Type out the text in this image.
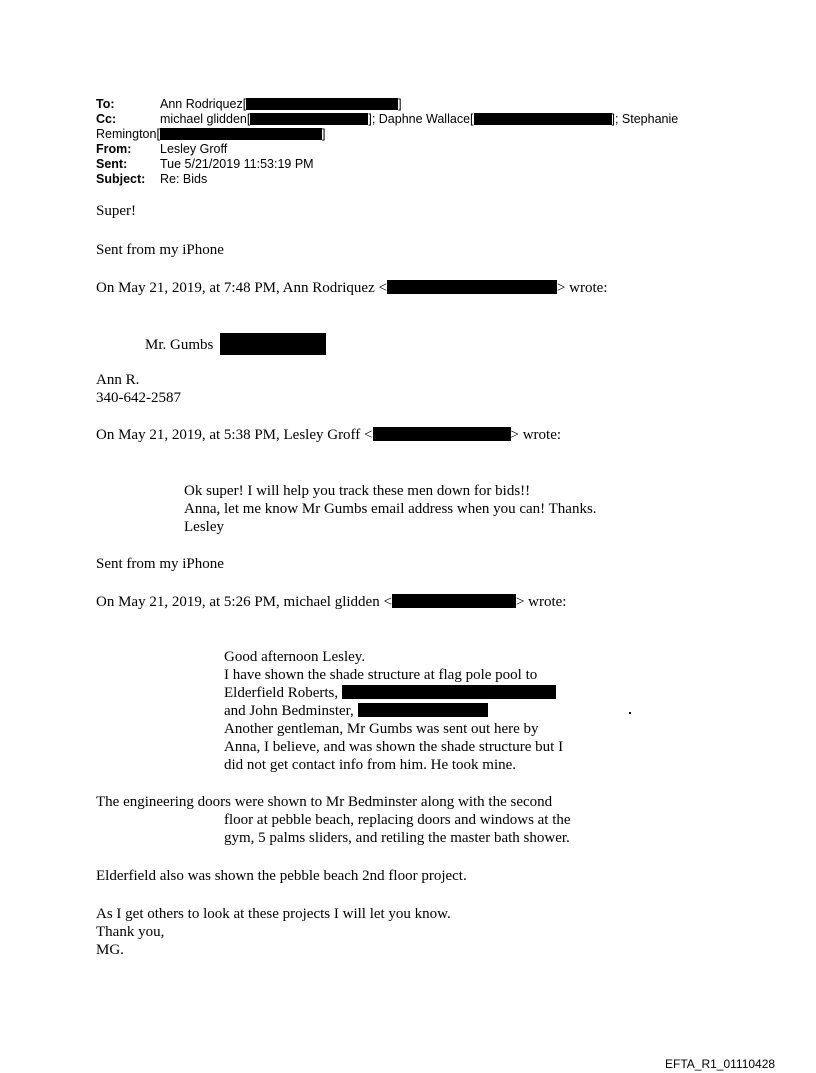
To:	Ann Rodriquez[	]
Cc:	michael glidden[	]; Daphne Wallace[	]; Stephanie
Remington[	]
From: Lesley Groff
Sent:	Tue 5/21/2019 11:53:19 PM
Subject: Re: Bids
Super!
Sent from my iPhone
On May 21, 2019, at 7:48 PM, Ann Rodriquez <	> wrote:
Mr. Gumbs
Ann R.
340-642-2587
On May 21, 2019, at 5:38 PM, Lesley Groff <	> wrote:
Ok super! I will help you track these men down for bids!!
Anna, let me know Mr Gumbs email address when you can! Thanks.
Lesley
Sent from my iPhone
On May 21, 2019, at 5:26 PM, michael glidden <	> wrote:
Good afternoon Lesley.
I have shown the shade structure at flag pole pool to
Elderfield Roberts,
and John Bedminster,
Another gentleman, Mr Gumbs was sent out here by
Anna, I believe, and was shown the shade structure but I
did not get contact info from him. He took mine.
The engineering doors were shown to Mr Bedminster along with the second
floor at pebble beach, replacing doors and windows at the
gym, 5 palms sliders, and retiling the master bath shower.
Elderfield also was shown the pebble beach 2nd floor project.
As I get others to look at these projects I will let you know.
Thank you,
MG.
EFTA_R1_01110428
